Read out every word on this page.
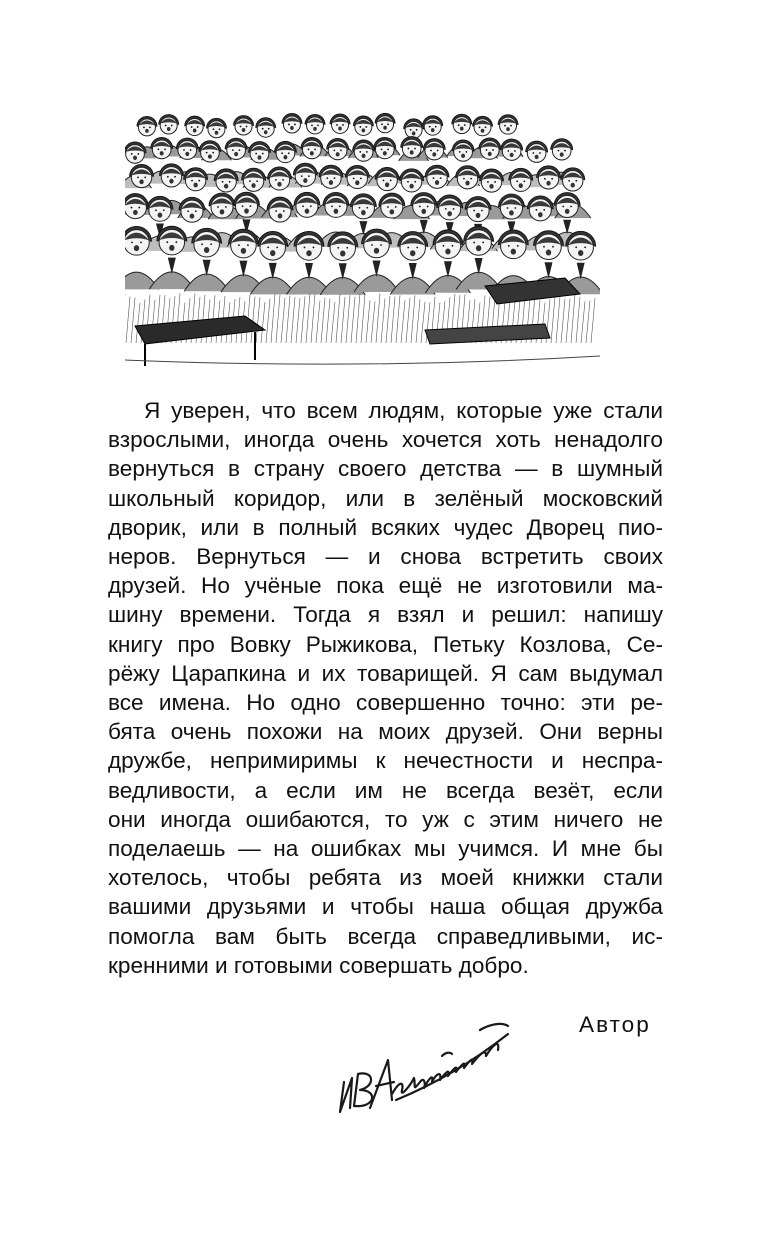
Я уверен, что всем людям, которые уже стали
взрослыми, иногда очень хочется хоть ненадолго
вернуться в страну своего детства — в шумный
школьный коридор, или в зелёный московский
дворик, или в полный всяких чудес Дворец пио-
неров. Вернуться — и снова встретить своих
друзей. Но учёные пока ещё не изготовили ма-
шину времени. Тогда я взял и решил: напишу
книгу про Вовку Рыжикова, Петьку Козлова, Се-
рёжу Царапкина и их товарищей. Я сам выдумал
все имена. Но одно совершенно точно: эти ре-
бята очень похожи на моих друзей. Они верны
дружбе, непримиримы к нечестности и неспра-
ведливости, а если им не всегда везёт, если
они иногда ошибаются, то уж с этим ничего не
поделаешь — на ошибках мы учимся. И мне бы
хотелось, чтобы ребята из моей книжки стали
вашими друзьями и чтобы наша общая дружба
помогла вам быть всегда справедливыми, ис-
кренними и готовыми совершать добро.
Автор
